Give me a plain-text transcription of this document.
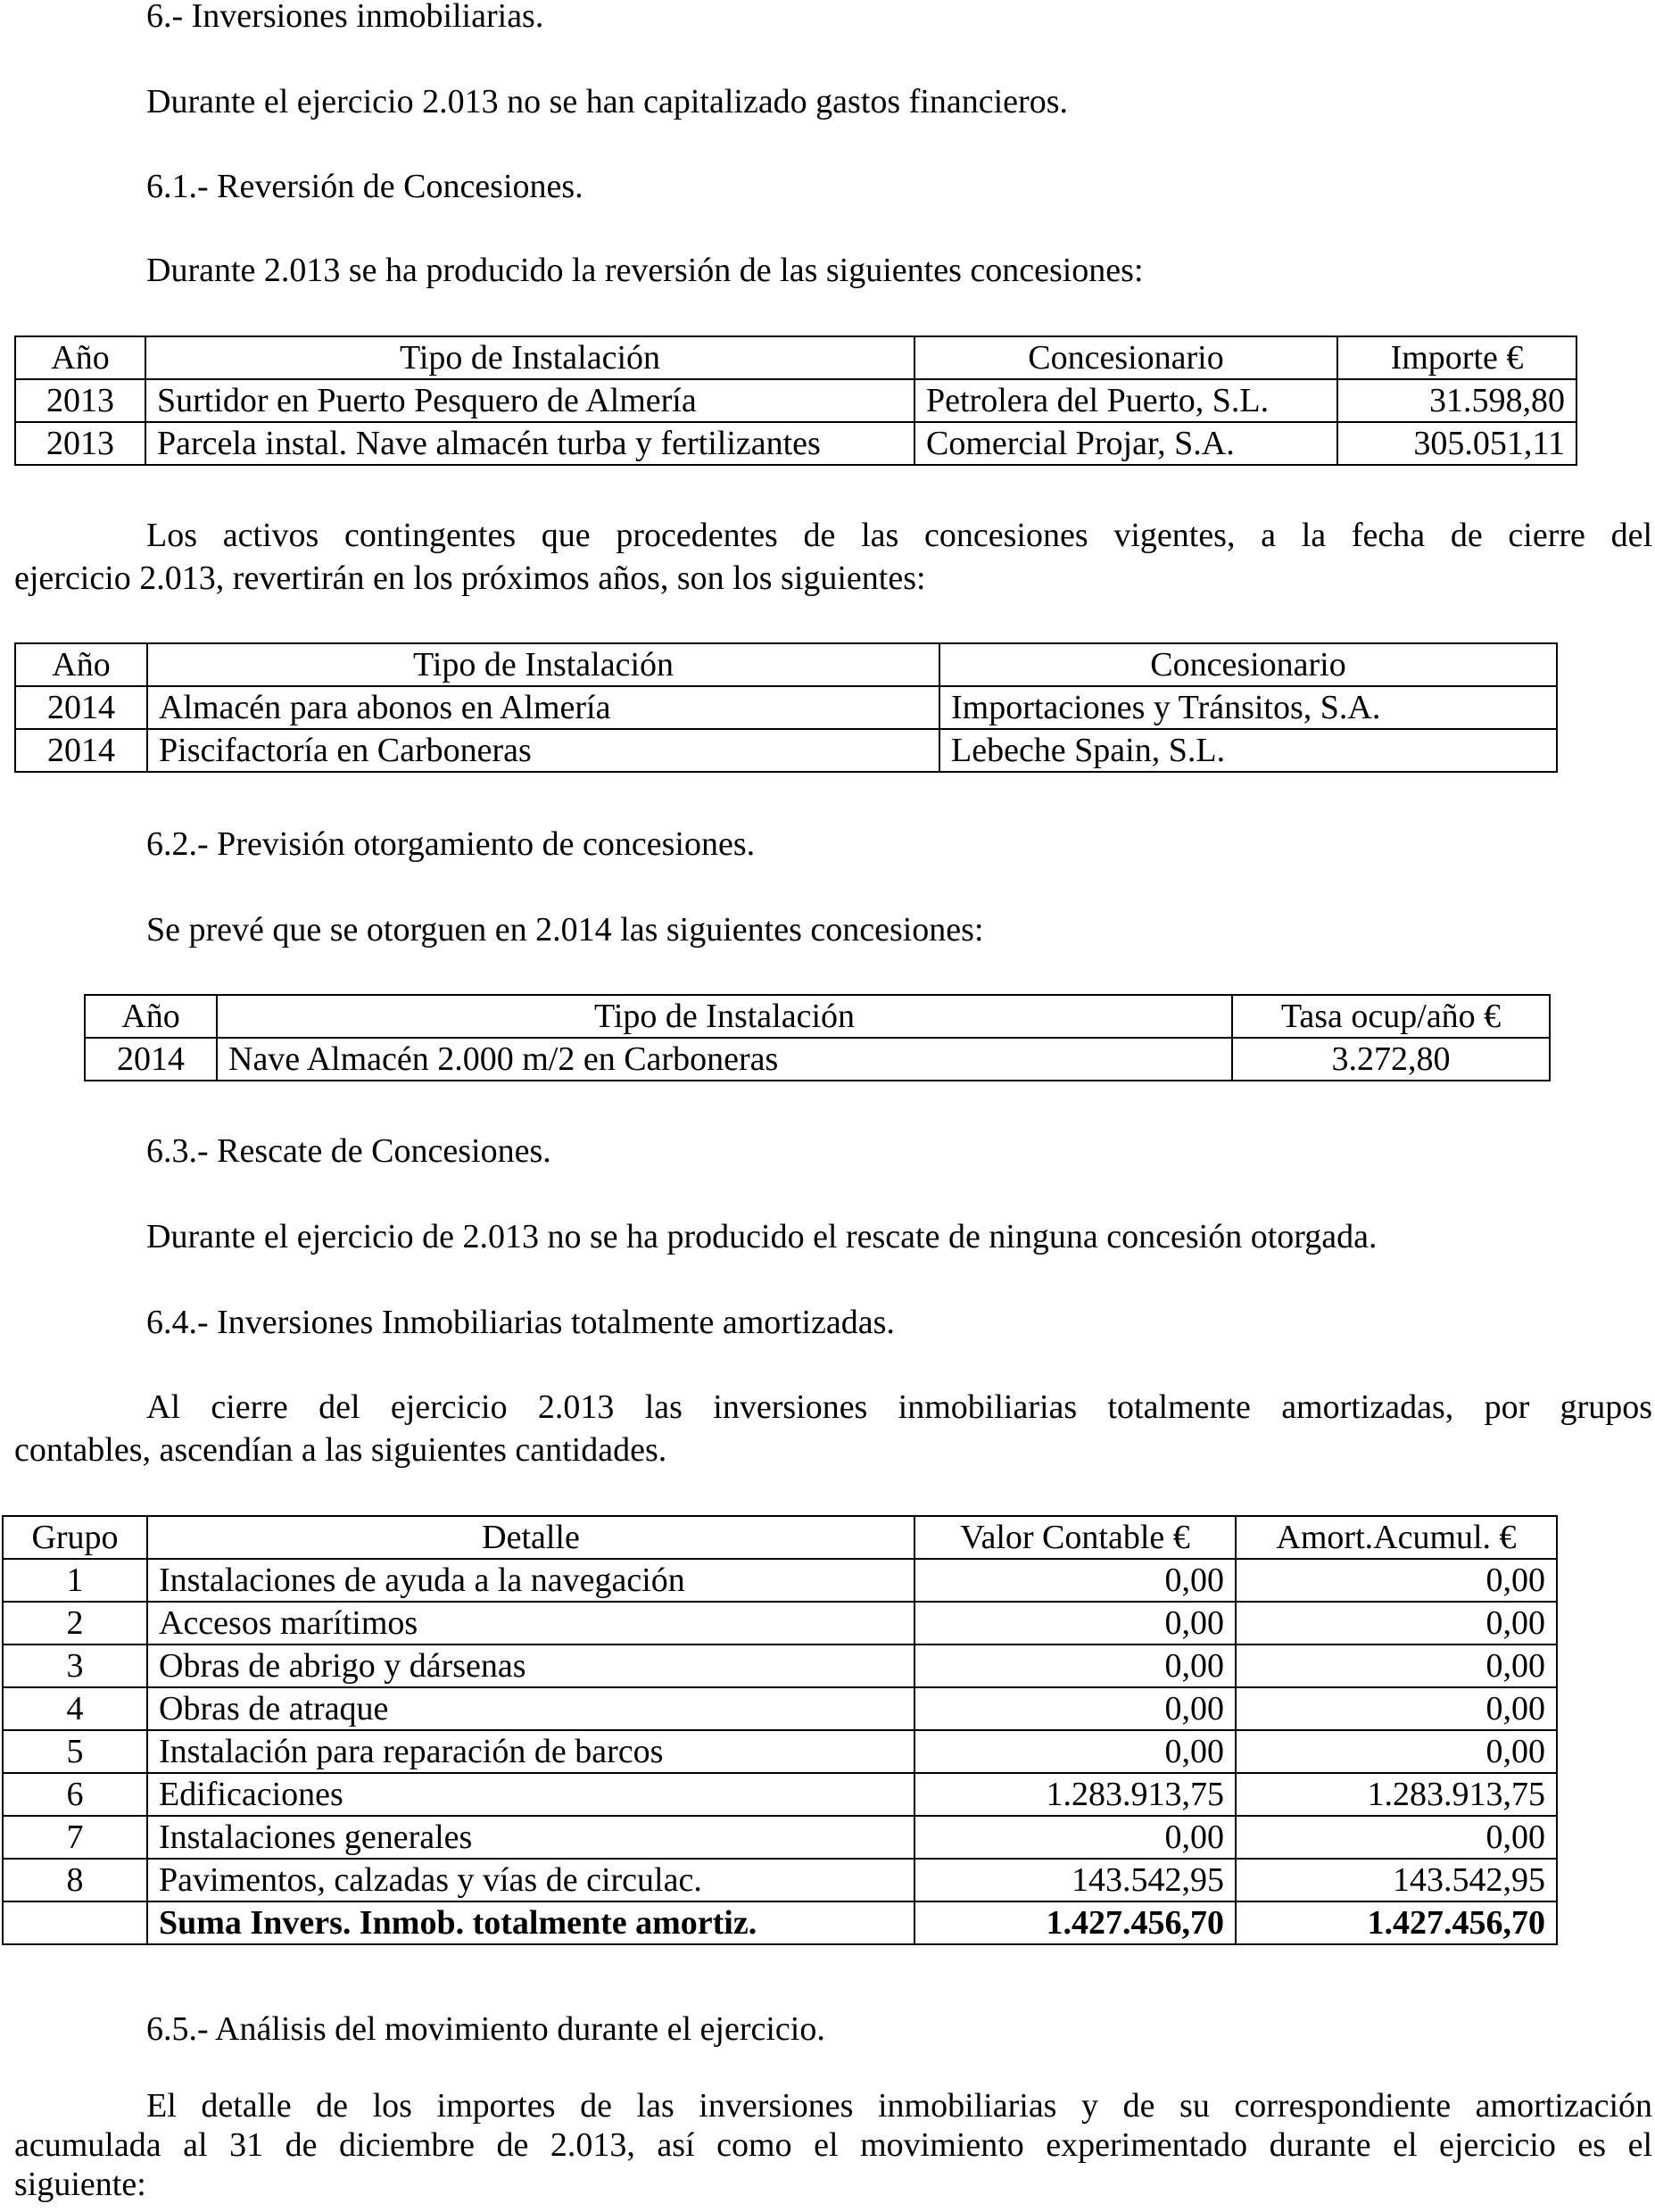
6.- Inversiones inmobiliarias.

Durante el ejercicio 2.013 no se han capitalizado gastos financieros.

6.1.- Reversión de Concesiones.

Durante 2.013 se ha producido la reversión de las siguientes concesiones:

Año	Tipo de Instalación	Concesionario	Importe €
2013	Surtidor en Puerto Pesquero de Almería	Petrolera del Puerto, S.L.	31.598,80
2013	Parcela instal. Nave almacén turba y fertilizantes	Comercial Projar, S.A.	305.051,11
Los activos contingentes que procedentes de las concesiones vigentes, a la fecha de cierre del
ejercicio 2.013, revertirán en los próximos años, son los siguientes:
Año	Tipo de Instalación	Concesionario
2014	Almacén para abonos en Almería	Importaciones y Tránsitos, S.A.
2014	Piscifactoría en Carboneras	Lebeche Spain, S.L.

6.2.- Previsión otorgamiento de concesiones.

Se prevé que se otorguen en 2.014 las siguientes concesiones:

Año	Tipo de Instalación	Tasa ocup/año €
2014	Nave Almacén 2.000 m/2 en Carboneras	3.272,80

6.3.- Rescate de Concesiones.

Durante el ejercicio de 2.013 no se ha producido el rescate de ninguna concesión otorgada.

6.4.- Inversiones Inmobiliarias totalmente amortizadas.

Al cierre del ejercicio 2.013 las inversiones inmobiliarias totalmente amortizadas, por grupos
contables, ascendían a las siguientes cantidades.
Grupo	Detalle	Valor Contable €	Amort.Acumul. €
1	Instalaciones de ayuda a la navegación	0,00	0,00
2	Accesos marítimos	0,00	0,00
3	Obras de abrigo y dársenas	0,00	0,00
4	Obras de atraque	0,00	0,00
5	Instalación para reparación de barcos	0,00	0,00
6	Edificaciones	1.283.913,75	1.283.913,75
7	Instalaciones generales	0,00	0,00
8	Pavimentos, calzadas y vías de circulac.	143.542,95	143.542,95
	Suma Invers. Inmob. totalmente amortiz.	1.427.456,70	1.427.456,70

6.5.- Análisis del movimiento durante el ejercicio.

El detalle de los importes de las inversiones inmobiliarias y de su correspondiente amortización
acumulada al 31 de diciembre de 2.013, así como el movimiento experimentado durante el ejercicio es el
siguiente:
